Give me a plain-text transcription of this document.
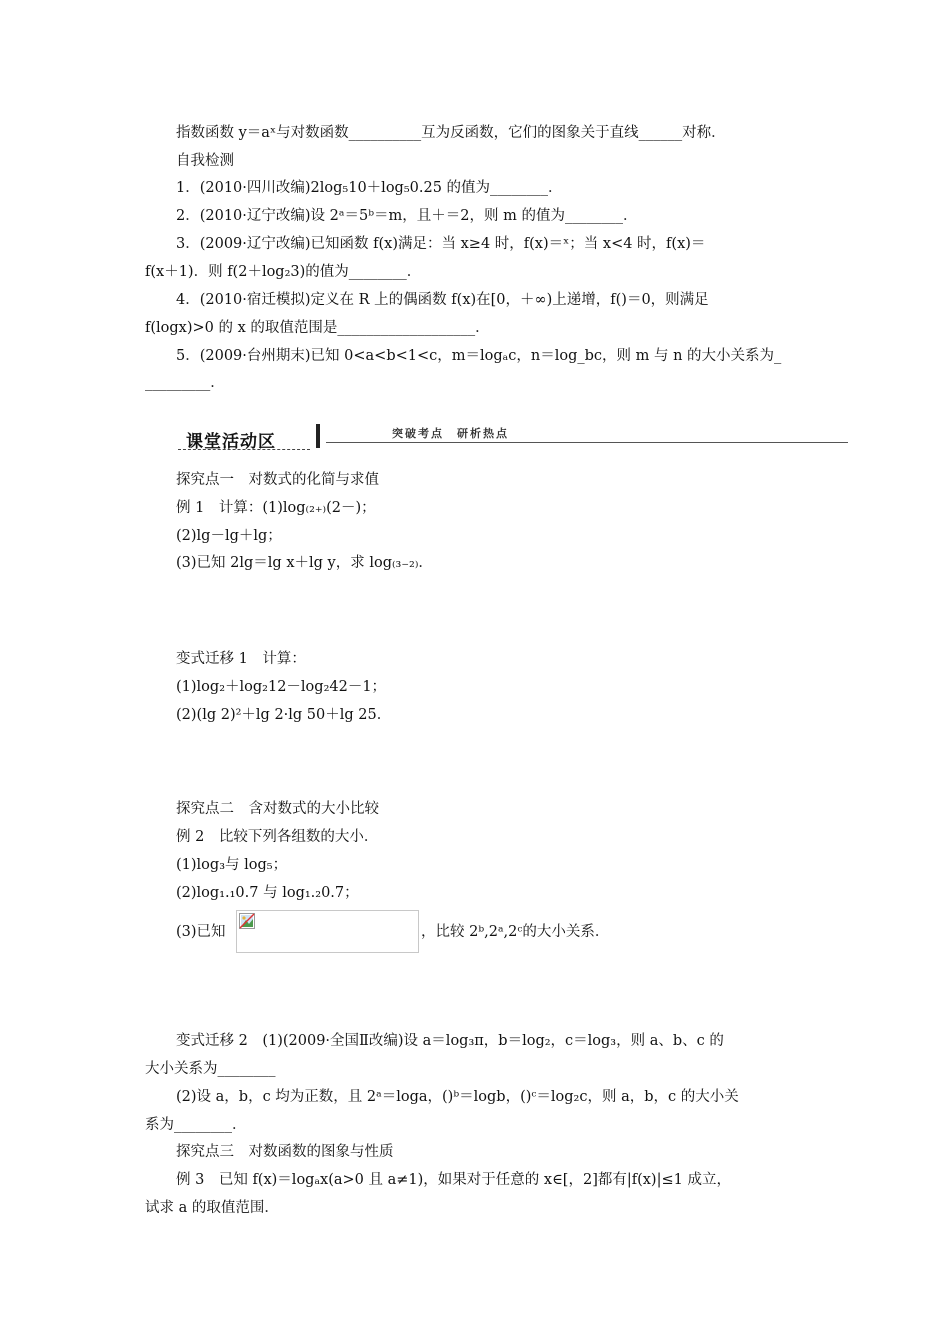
指数函数 y＝aˣ与对数函数__________互为反函数，它们的图象关于直线______对称．
自我检测
1．(2010·四川改编)2log₅10＋log₅0.25 的值为________．
2．(2010·辽宁改编)设 2ᵃ＝5ᵇ＝m，且＋＝2，则 m 的值为________．
3．(2009·辽宁改编)已知函数 f(x)满足：当 x≥4 时，f(x)＝ˣ；当 x<4 时，f(x)＝
f(x＋1)．则 f(2＋log₂3)的值为________．
4．(2010·宿迁模拟)定义在 R 上的偶函数 f(x)在[0，＋∞)上递增，f()＝0，则满足
f(logx)>0 的 x 的取值范围是___________________．
5．(2009·台州期末)已知 0<a<b<1<c，m＝logₐc，n＝log_bc，则 m 与 n 的大小关系为_
_________．
课堂活动区	突破考点　研析热点
探究点一　对数式的化简与求值
例 1　计算：(1)log₍₂₊₎(2－)；
(2)lg－lg＋lg；
(3)已知 2lg＝lg x＋lg y，求 log₍₃₋₂₎．
变式迁移 1　计算：
(1)log₂＋log₂12－log₂42－1；
(2)(lg 2)²＋lg 2·lg 50＋lg 25．
探究点二　含对数式的大小比较
例 2　比较下列各组数的大小．
(1)log₃与 log₅；
(2)log₁.₁0.7 与 log₁.₂0.7；
(3)已知	，比较 2ᵇ,2ᵃ,2ᶜ的大小关系．
变式迁移 2　(1)(2009·全国Ⅱ改编)设 a＝log₃π，b＝log₂，c＝log₃，则 a、b、c 的
大小关系为________
(2)设 a，b，c 均为正数，且 2ᵃ＝loga，()ᵇ＝logb，()ᶜ＝log₂c，则 a，b，c 的大小关
系为________．
探究点三　对数函数的图象与性质
例 3　已知 f(x)＝logₐx(a>0 且 a≠1)，如果对于任意的 x∈[，2]都有|f(x)|≤1 成立，
试求 a 的取值范围．
